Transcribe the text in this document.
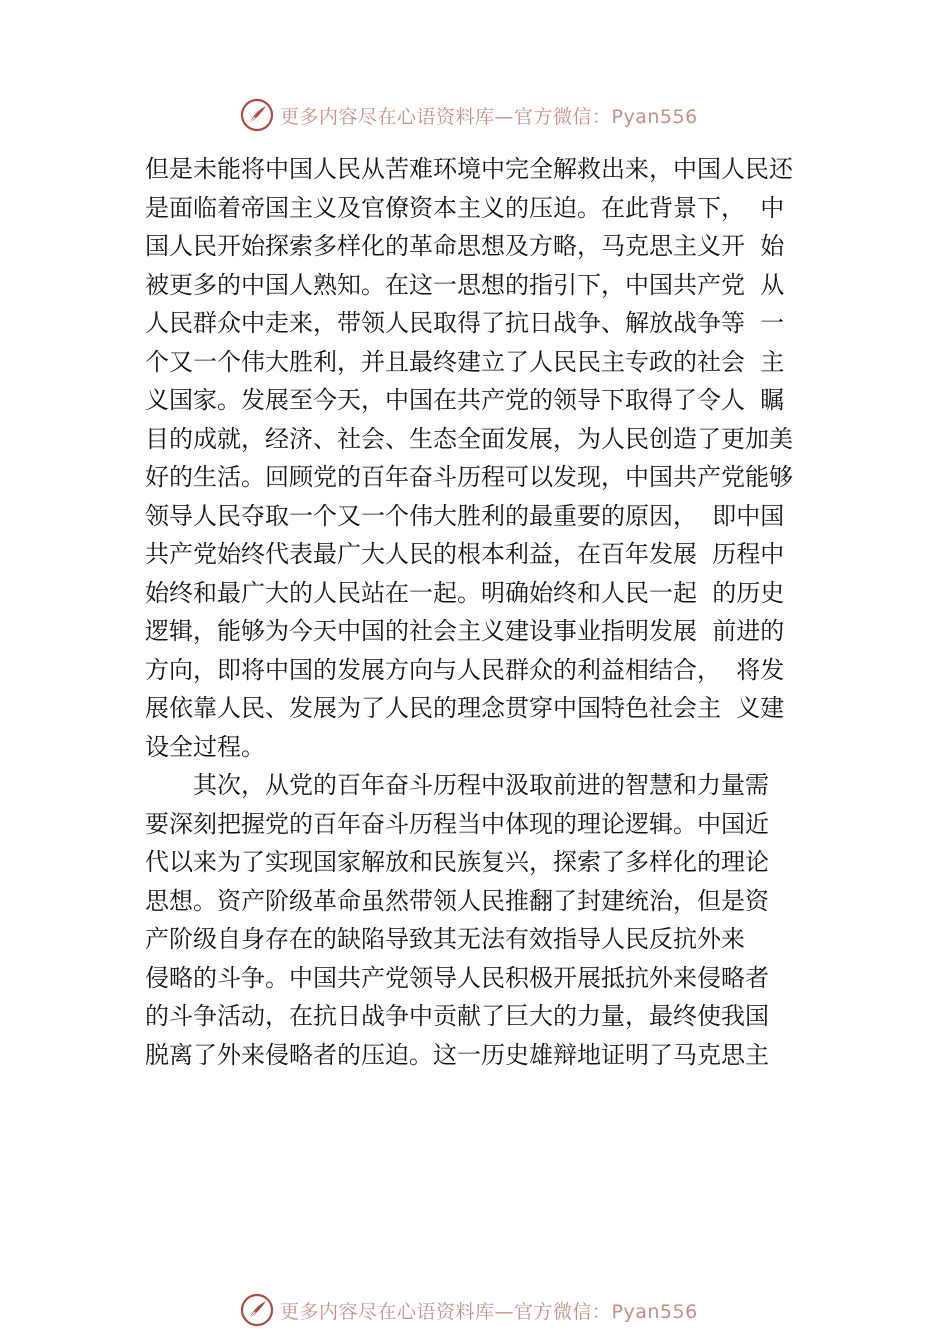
更多内容尽在心语资料库—官方微信：Pyan556
但是未能将中国人民从苦难环境中完全解救出来，中国人民还
是面临着帝国主义及官僚资本主义的压迫。在此背景下，  中
国人民开始探索多样化的革命思想及方略，马克思主义开  始
被更多的中国人熟知。在这一思想的指引下，中国共产党  从
人民群众中走来，带领人民取得了抗日战争、解放战争等  一
个又一个伟大胜利，并且最终建立了人民民主专政的社会  主
义国家。发展至今天，中国在共产党的领导下取得了令人  瞩
目的成就，经济、社会、生态全面发展，为人民创造了更加美
好的生活。回顾党的百年奋斗历程可以发现，中国共产党能够
领导人民夺取一个又一个伟大胜利的最重要的原因，  即中国
共产党始终代表最广大人民的根本利益，在百年发展  历程中
始终和最广大的人民站在一起。明确始终和人民一起  的历史
逻辑，能够为今天中国的社会主义建设事业指明发展  前进的
方向，即将中国的发展方向与人民群众的利益相结合，  将发
展依靠人民、发展为了人民的理念贯穿中国特色社会主  义建
设全过程。
其次，从党的百年奋斗历程中汲取前进的智慧和力量需
要深刻把握党的百年奋斗历程当中体现的理论逻辑。中国近
代以来为了实现国家解放和民族复兴，探索了多样化的理论
思想。资产阶级革命虽然带领人民推翻了封建统治，但是资
产阶级自身存在的缺陷导致其无法有效指导人民反抗外来
侵略的斗争。中国共产党领导人民积极开展抵抗外来侵略者
的斗争活动，在抗日战争中贡献了巨大的力量，最终使我国
脱离了外来侵略者的压迫。这一历史雄辩地证明了马克思主
更多内容尽在心语资料库—官方微信：Pyan556
